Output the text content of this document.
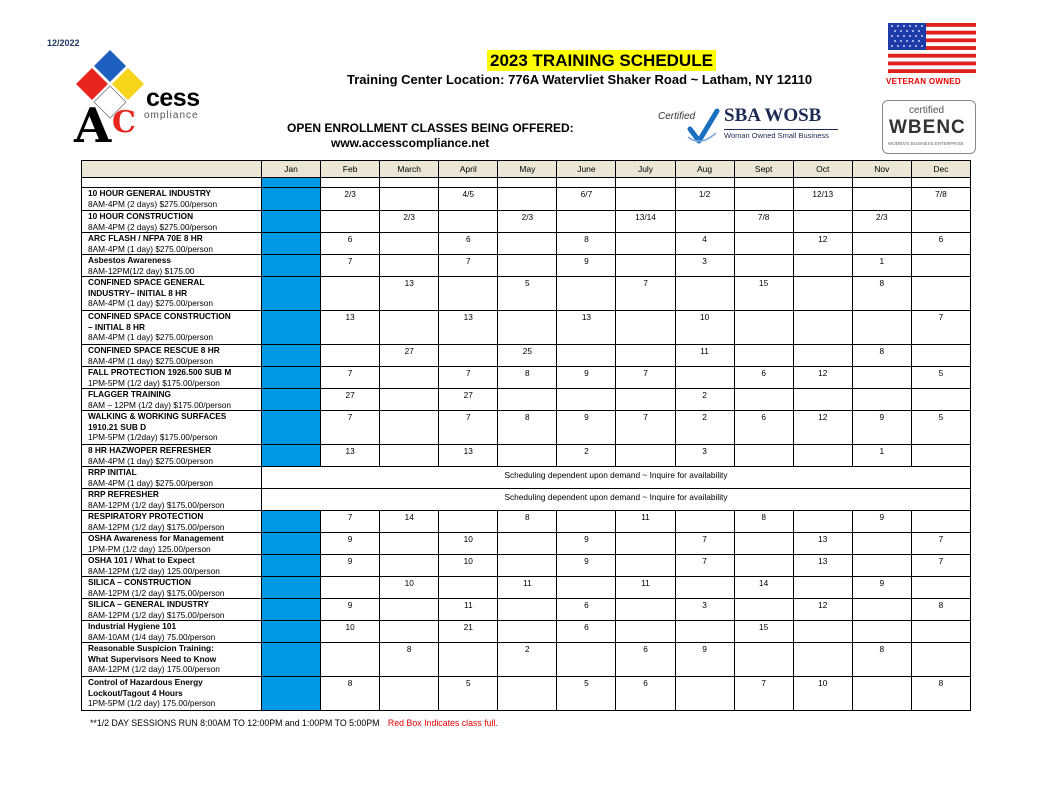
12/2022
A C
cess
ompliance
2023 TRAINING SCHEDULE
Training Center Location: 776A Watervliet Shaker Road ~ Latham, NY 12110	VETERAN OWNED
OPEN ENROLLMENT CLASSES BEING OFFERED:
www.accesscompliance.net
Certified SBA WOSB
Woman Owned Small Business
certified
WBENC
WOMEN'S BUSINESS ENTERPRISE
	Jan	Feb	March	April	May	June	July	Aug	Sept	Oct	Nov	Dec

10 HOUR GENERAL INDUSTRY
8AM-4PM (2 days) $275.00/person		2/3		4/5		6/7		1/2		12/13		7/8

10 HOUR CONSTRUCTION
8AM-4PM (2 days) $275.00/person			2/3		2/3		13/14		7/8		2/3	

ARC FLASH / NFPA 70E 8 HR
8AM-4PM (1 day) $275.00/person		6		6		8		4		12		6

Asbestos Awareness
8AM-12PM(1/2 day) $175.00		7		7		9		3			1	

CONFINED SPACE GENERAL
INDUSTRY– INITIAL 8 HR
8AM-4PM (1 day) $275.00/person			13		5		7		15		8	

CONFINED SPACE CONSTRUCTION
– INITIAL 8 HR
8AM-4PM (1 day) $275.00/person		13		13		13		10				7

CONFINED SPACE RESCUE 8 HR
8AM-4PM (1 day) $275.00/person			27		25			11			8	

FALL PROTECTION 1926.500 SUB M
1PM-5PM (1/2 day) $175.00/person		7		7	8	9	7		6	12		5

FLAGGER TRAINING
8AM – 12PM (1/2 day) $175.00/person		27		27				2				

WALKING & WORKING SURFACES
1910.21 SUB D
1PM-5PM (1/2day) $175.00/person		7		7	8	9	7	2	6	12	9	5

8 HR HAZWOPER REFRESHER
8AM-4PM (1 day) $275.00/person		13		13		2		3			1	

RRP INITIAL
8AM-4PM (1 day) $275.00/person	Scheduling dependent upon demand ~ Inquire for availability											

RRP REFRESHER
8AM-12PM (1/2 day) $175.00/person	Scheduling dependent upon demand ~ Inquire for availability											

RESPIRATORY PROTECTION
8AM-12PM (1/2 day) $175.00/person		7	14		8		11		8		9	

OSHA Awareness for Management
1PM-PM (1/2 day) 125.00/person		9		10		9		7		13		7

OSHA 101 / What to Expect
8AM-12PM (1/2 day) 125.00/person		9		10		9		7		13		7

SILICA – CONSTRUCTION
8AM-12PM (1/2 day) $175.00/person			10		11		11		14		9	

SILICA – GENERAL INDUSTRY
8AM-12PM (1/2 day) $175.00/person		9		11		6		3		12		8

Industrial Hygiene 101
8AM-10AM (1/4 day) 75.00/person		10		21		6			15			

Reasonable Suspicion Training:
What Supervisors Need to Know
8AM-12PM (1/2 day) 175.00/person			8		2		6	9			8	

Control of Hazardous Energy
Lockout/Tagout 4 Hours
1PM-5PM (1/2 day) 175.00/person		8		5		5	6		7	10		8
**1/2 DAY SESSIONS RUN 8:00AM TO 12:00PM and 1:00PM TO 5:00PM Red Box Indicates class full.
